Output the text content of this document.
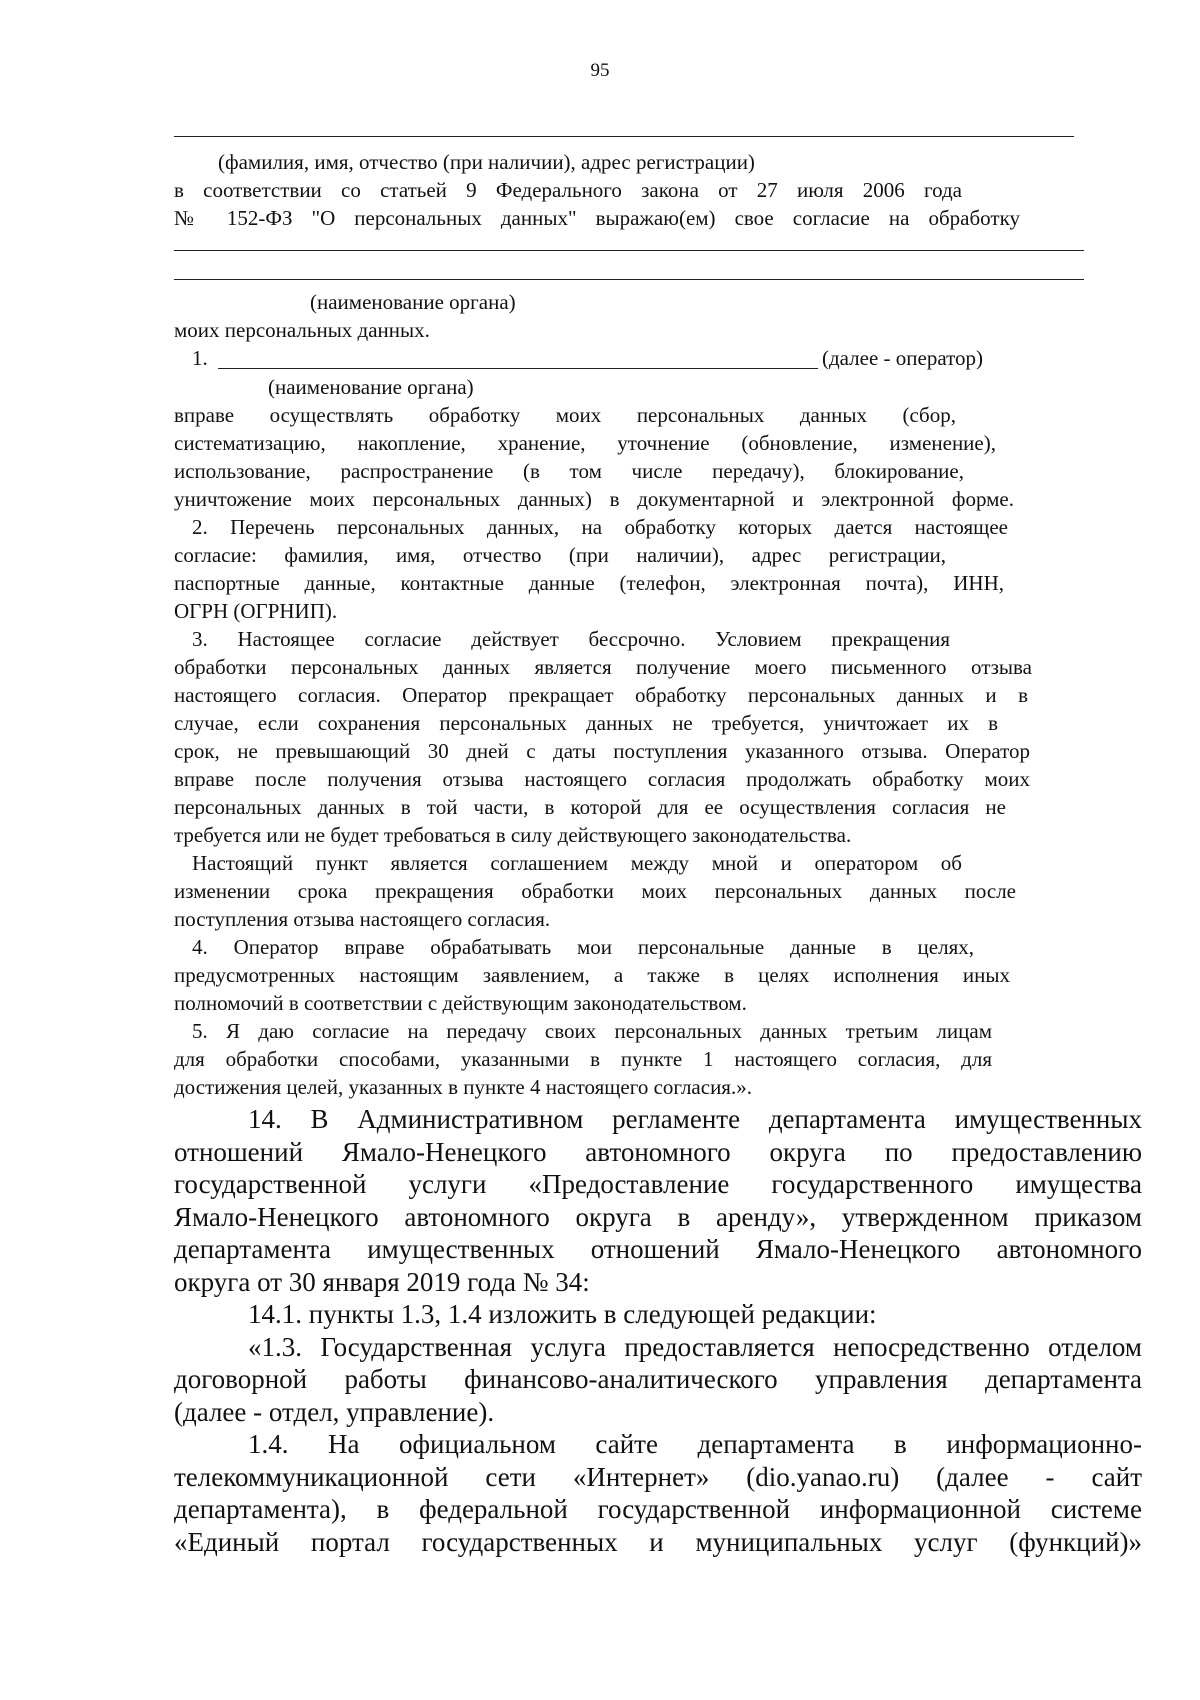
95
(фамилия, имя, отчество (при наличии), адрес регистрации)
в соответствии со статьей 9 Федерального закона от 27 июля 2006 года
№ 152-ФЗ "О персональных данных" выражаю(ем) свое согласие на обработку
(наименование органа)
моих персональных данных.
1.	(далее - оператор)
(наименование органа)
вправе осуществлять обработку моих персональных данных (сбор,
систематизацию, накопление, хранение, уточнение (обновление, изменение),
использование, распространение (в том числе передачу), блокирование,
уничтожение моих персональных данных) в документарной и электронной форме.
2. Перечень персональных данных, на обработку которых дается настоящее
согласие: фамилия, имя, отчество (при наличии), адрес регистрации,
паспортные данные, контактные данные (телефон, электронная почта), ИНН,
ОГРН (ОГРНИП).
3. Настоящее согласие действует бессрочно. Условием прекращения
обработки персональных данных является получение моего письменного отзыва
настоящего согласия. Оператор прекращает обработку персональных данных и в
случае, если сохранения персональных данных не требуется, уничтожает их в
срок, не превышающий 30 дней с даты поступления указанного отзыва. Оператор
вправе после получения отзыва настоящего согласия продолжать обработку моих
персональных данных в той части, в которой для ее осуществления согласия не
требуется или не будет требоваться в силу действующего законодательства.
Настоящий пункт является соглашением между мной и оператором об
изменении срока прекращения обработки моих персональных данных после
поступления отзыва настоящего согласия.
4. Оператор вправе обрабатывать мои персональные данные в целях,
предусмотренных настоящим заявлением, а также в целях исполнения иных
полномочий в соответствии с действующим законодательством.
5. Я даю согласие на передачу своих персональных данных третьим лицам
для обработки способами, указанными в пункте 1 настоящего согласия, для
достижения целей, указанных в пункте 4 настоящего согласия.».
14. В Административном регламенте департамента имущественных
отношений Ямало-Ненецкого автономного округа по предоставлению
государственной услуги «Предоставление государственного имущества
Ямало-Ненецкого автономного округа в аренду», утвержденном приказом
департамента имущественных отношений Ямало-Ненецкого автономного
округа от 30 января 2019 года № 34:
14.1. пункты 1.3, 1.4 изложить в следующей редакции:
«1.3. Государственная услуга предоставляется непосредственно отделом
договорной работы финансово-аналитического управления департамента
(далее - отдел, управление).
1.4. На официальном сайте департамента в информационно-
телекоммуникационной сети «Интернет» (dio.yanao.ru) (далее - сайт
департамента), в федеральной государственной информационной системе
«Единый портал государственных и муниципальных услуг (функций)»
